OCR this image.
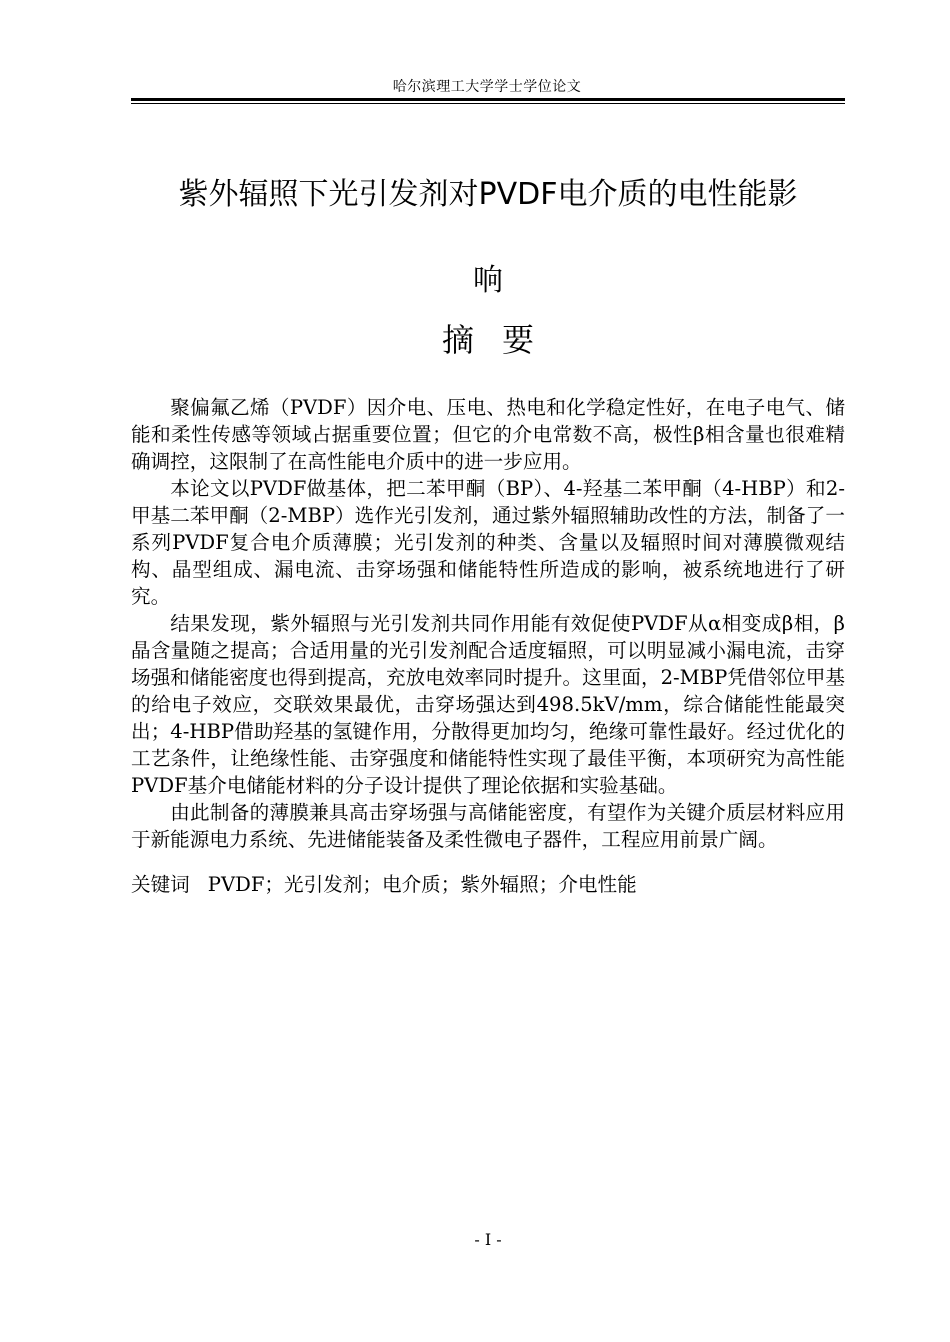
哈尔滨理工大学学士学位论文
紫外辐照下光引发剂对PVDF电介质的电性能影
响
摘要

聚偏氟乙烯（PVDF）因介电、压电、热电和化学稳定性好，在电子电气、储能和柔性传感等领域占据重要位置；但它的介电常数不高，极性β相含量也很难精确调控，这限制了在高性能电介质中的进一步应用。

本论文以PVDF做基体，把二苯甲酮（BP）、4-羟基二苯甲酮（4-HBP）和2-甲基二苯甲酮（2-MBP）选作光引发剂，通过紫外辐照辅助改性的方法，制备了一系列PVDF复合电介质薄膜；光引发剂的种类、含量以及辐照时间对薄膜微观结构、晶型组成、漏电流、击穿场强和储能特性所造成的影响，被系统地进行了研究。

结果发现，紫外辐照与光引发剂共同作用能有效促使PVDF从α相变成β相，β晶含量随之提高；合适用量的光引发剂配合适度辐照，可以明显减小漏电流，击穿场强和储能密度也得到提高，充放电效率同时提升。这里面，2-MBP凭借邻位甲基的给电子效应，交联效果最优，击穿场强达到498.5kV/mm，综合储能性能最突出；4-HBP借助羟基的氢键作用，分散得更加均匀，绝缘可靠性最好。经过优化的工艺条件，让绝缘性能、击穿强度和储能特性实现了最佳平衡，本项研究为高性能PVDF基介电储能材料的分子设计提供了理论依据和实验基础。

由此制备的薄膜兼具高击穿场强与高储能密度，有望作为关键介质层材料应用于新能源电力系统、先进储能装备及柔性微电子器件，工程应用前景广阔。

关键词 PVDF；光引发剂；电介质；紫外辐照；介电性能

- I -
